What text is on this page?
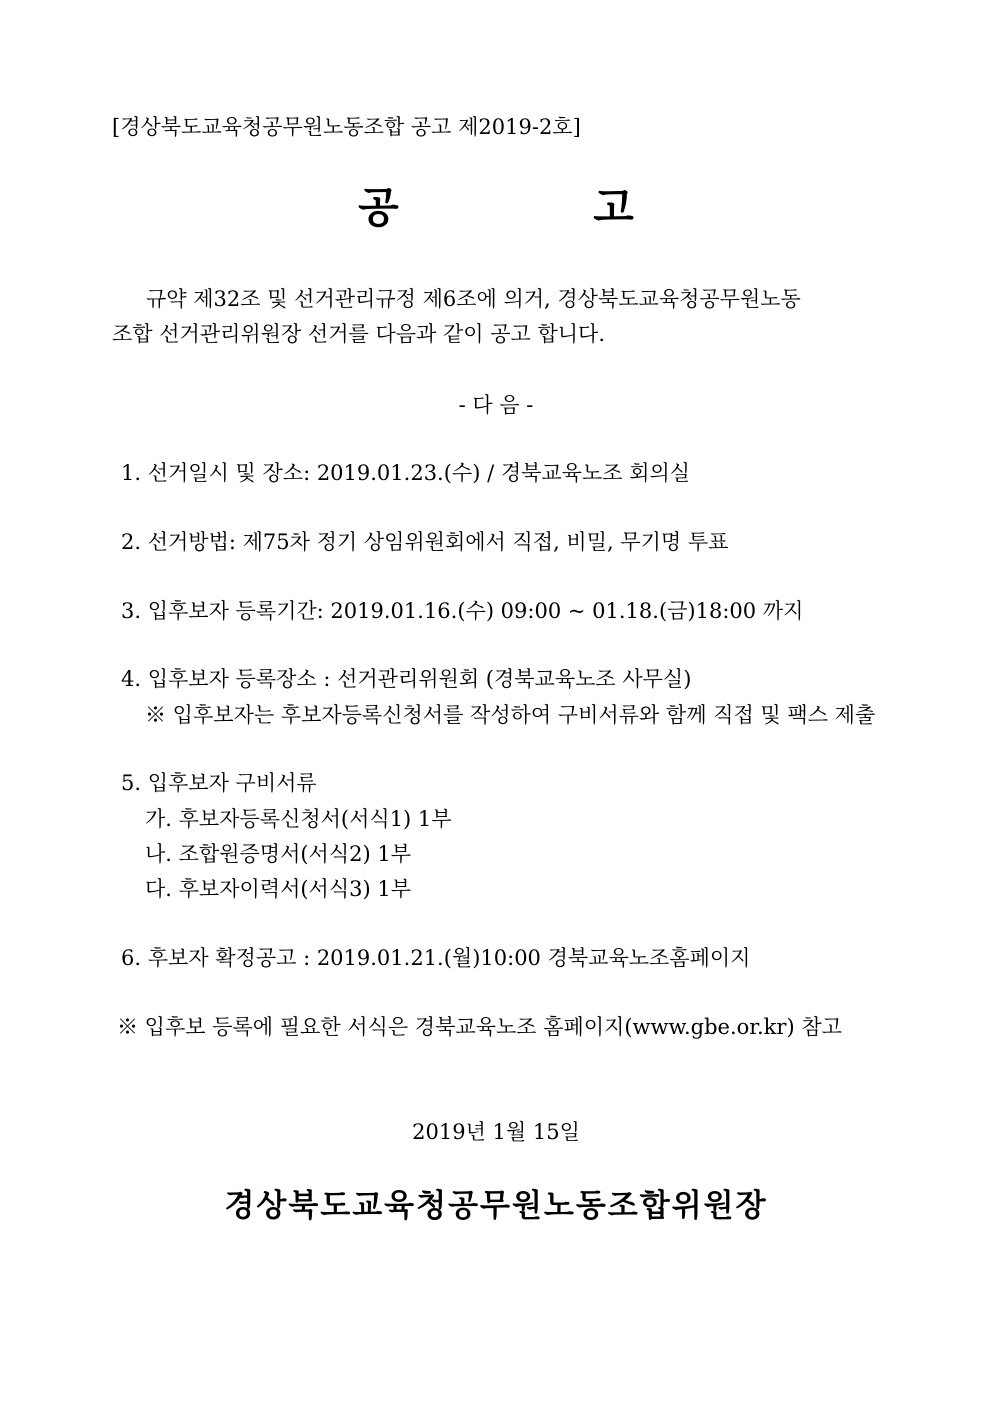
[경상북도교육청공무원노동조합 공고 제2019-2호]
공 고
규약 제32조 및 선거관리규정 제6조에 의거, 경상북도교육청공무원노동
조합 선거관리위원장 선거를 다음과 같이 공고 합니다.
- 다 음 -
1. 선거일시 및 장소: 2019.01.23.(수) / 경북교육노조 회의실
2. 선거방법: 제75차 정기 상임위원회에서 직접, 비밀, 무기명 투표
3. 입후보자 등록기간: 2019.01.16.(수) 09:00 ~ 01.18.(금)18:00 까지
4. 입후보자 등록장소 : 선거관리위원회 (경북교육노조 사무실)
※ 입후보자는 후보자등록신청서를 작성하여 구비서류와 함께 직접 및 팩스 제출
5. 입후보자 구비서류
가. 후보자등록신청서(서식1) 1부
나. 조합원증명서(서식2) 1부
다. 후보자이력서(서식3) 1부
6. 후보자 확정공고 : 2019.01.21.(월)10:00 경북교육노조홈페이지
※ 입후보 등록에 필요한 서식은 경북교육노조 홈페이지(www.gbe.or.kr) 참고
2019년 1월 15일
경상북도교육청공무원노동조합위원장
